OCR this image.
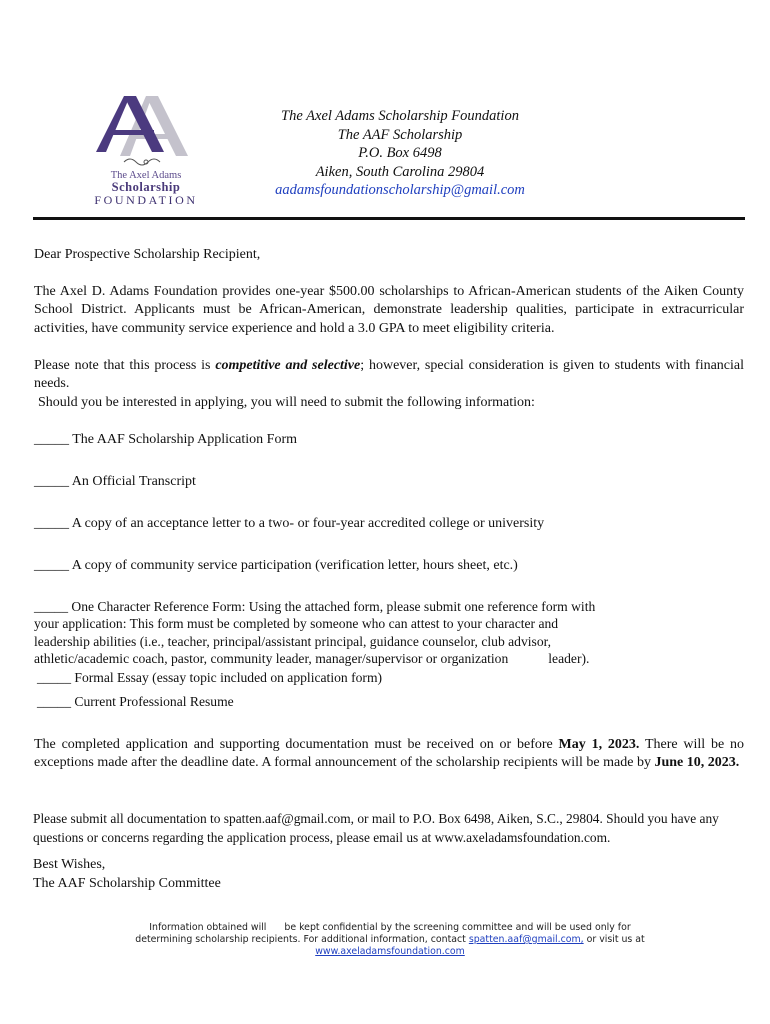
The Axel Adams
Scholarship
FOUNDATION
The Axel Adams Scholarship Foundation
The AAF Scholarship
P.O. Box 6498
Aiken, South Carolina 29804
aadamsfoundationscholarship@gmail.com
Dear Prospective Scholarship Recipient,
The Axel D. Adams Foundation provides one-year $500.00 scholarships to African-American students of the Aiken County School District. Applicants must be African-American, demonstrate leadership qualities, participate in extracurricular activities, have community service experience and hold a 3.0 GPA to meet eligibility criteria.
Please note that this process is competitive and selective; however, special consideration is given to students with financial needs.
Should you be interested in applying, you will need to submit the following information:
_____ The AAF Scholarship Application Form
_____ An Official Transcript
_____ A copy of an acceptance letter to a two- or four-year accredited college or university
_____ A copy of community service participation (verification letter, hours sheet, etc.)
_____ One Character Reference Form: Using the attached form, please submit one reference form with
your application: This form must be completed by someone who can attest to your character and
leadership abilities (i.e., teacher, principal/assistant principal, guidance counselor, club advisor,
athletic/academic coach, pastor, community leader, manager/supervisor or organization	leader).
_____ Formal Essay (essay topic included on application form)
_____ Current Professional Resume
The completed application and supporting documentation must be received on or before May 1, 2023. There will be no exceptions made after the deadline date. A formal announcement of the scholarship recipients will be made by June 10, 2023.
Please submit all documentation to spatten.aaf@gmail.com, or mail to P.O. Box 6498, Aiken, S.C., 29804. Should you have any questions or concerns regarding the application process, please email us at www.axeladamsfoundation.com.
Best Wishes,
The AAF Scholarship Committee
Information obtained will be kept confidential by the screening committee and will be used only for
determining scholarship recipients. For additional information, contact spatten.aaf@gmail.com, or visit us at
www.axeladamsfoundation.com
